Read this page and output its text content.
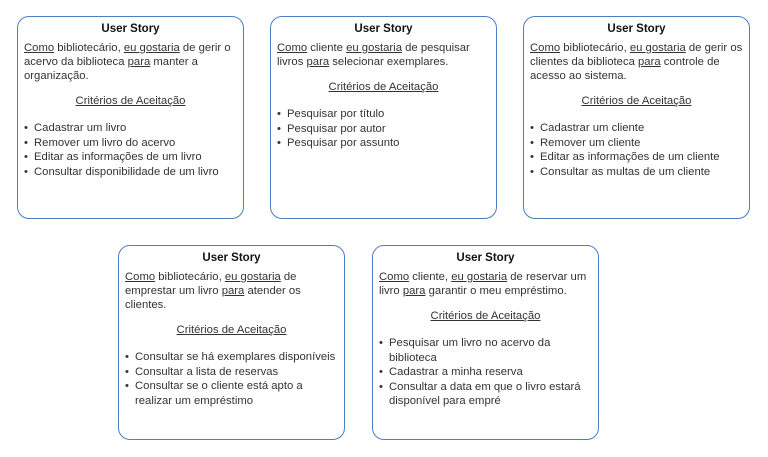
User Story

Como bibliotecário, eu gostaria de gerir o acervo da biblioteca para manter a organização.

Critérios de Aceitação
• Cadastrar um livro
• Remover um livro do acervo
• Editar as informações de um livro
• Consultar disponibilidade de um livro
User Story

Como cliente eu gostaria de pesquisar livros para selecionar exemplares.

Critérios de Aceitação
• Pesquisar por título
• Pesquisar por autor
• Pesquisar por assunto
User Story

Como bibliotecário, eu gostaria de gerir os clientes da biblioteca para controle de acesso ao sistema.

Critérios de Aceitação
• Cadastrar um cliente
• Remover um cliente
• Editar as informações de um cliente
• Consultar as multas de um cliente
User Story

Como bibliotecário, eu gostaria de emprestar um livro para atender os clientes.

Critérios de Aceitação
• Consultar se há exemplares disponíveis
• Consultar a lista de reservas
• Consultar se o cliente está apto a realizar um empréstimo
User Story

Como cliente, eu gostaria de reservar um livro para garantir o meu empréstimo.

Critérios de Aceitação
• Pesquisar um livro no acervo da biblioteca
• Cadastrar a minha reserva
• Consultar a data em que o livro estará disponível para empré
